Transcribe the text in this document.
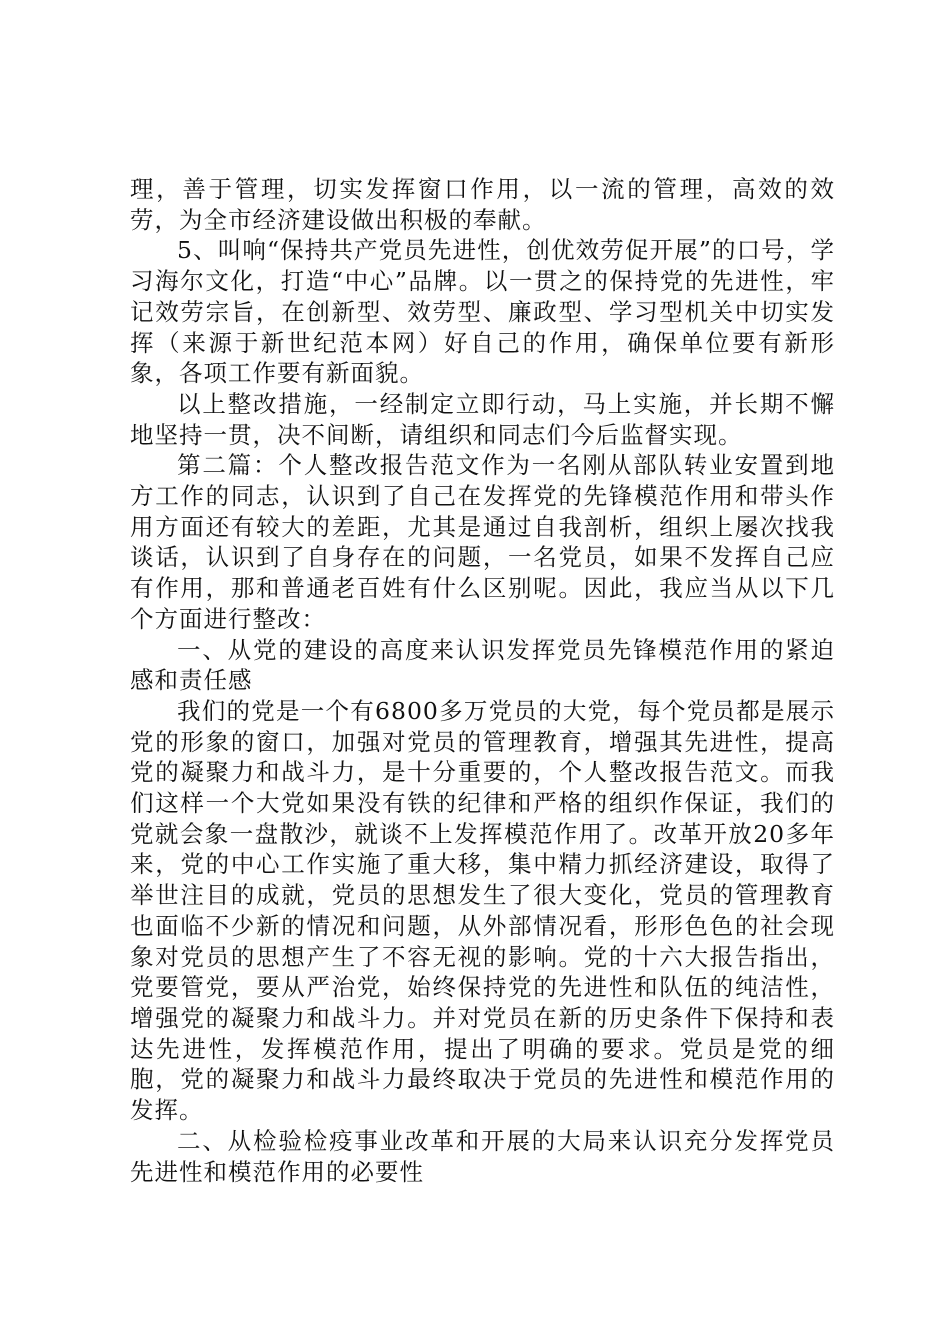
理，善于管理，切实发挥窗口作用，以一流的管理，高效的效劳，为全市经济建设做出积极的奉献。

5、叫响“保持共产党员先进性，创优效劳促开展”的口号，学习海尔文化，打造“中心”品牌。以一贯之的保持党的先进性，牢记效劳宗旨，在创新型、效劳型、廉政型、学习型机关中切实发挥（来源于新世纪范本网）好自己的作用，确保单位要有新形象，各项工作要有新面貌。

以上整改措施，一经制定立即行动，马上实施，并长期不懈地坚持一贯，决不间断，请组织和同志们今后监督实现。

第二篇：个人整改报告范文作为一名刚从部队转业安置到地方工作的同志，认识到了自己在发挥党的先锋模范作用和带头作用方面还有较大的差距，尤其是通过自我剖析，组织上屡次找我谈话，认识到了自身存在的问题，一名党员，如果不发挥自己应有作用，那和普通老百姓有什么区别呢。因此，我应当从以下几个方面进行整改：

一、从党的建设的高度来认识发挥党员先锋模范作用的紧迫感和责任感

我们的党是一个有6800多万党员的大党，每个党员都是展示党的形象的窗口，加强对党员的管理教育，增强其先进性，提高党的凝聚力和战斗力，是十分重要的，个人整改报告范文。而我们这样一个大党如果没有铁的纪律和严格的组织作保证，我们的党就会象一盘散沙，就谈不上发挥模范作用了。改革开放20多年来，党的中心工作实施了重大移，集中精力抓经济建设，取得了举世注目的成就，党员的思想发生了很大变化，党员的管理教育也面临不少新的情况和问题，从外部情况看，形形色色的社会现象对党员的思想产生了不容无视的影响。党的十六大报告指出，党要管党，要从严治党，始终保持党的先进性和队伍的纯洁性，增强党的凝聚力和战斗力。并对党员在新的历史条件下保持和表达先进性，发挥模范作用，提出了明确的要求。党员是党的细胞，党的凝聚力和战斗力最终取决于党员的先进性和模范作用的发挥。

二、从检验检疫事业改革和开展的大局来认识充分发挥党员先进性和模范作用的必要性
